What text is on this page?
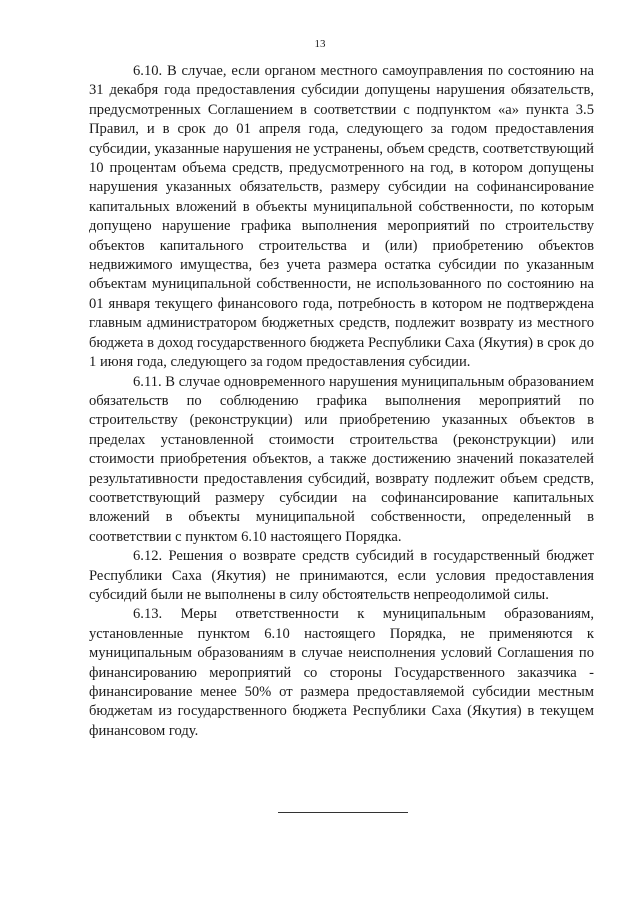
13

6.10. В случае, если органом местного самоуправления по состоянию на 31 декабря года предоставления субсидии допущены нарушения обязательств, предусмотренных Соглашением в соответствии с подпунктом «а» пункта 3.5 Правил, и в срок до 01 апреля года, следующего за годом предоставления субсидии, указанные нарушения не устранены, объем средств, соответствующий 10 процентам объема средств, предусмотренного на год, в котором допущены нарушения указанных обязательств, размеру субсидии на софинансирование капитальных вложений в объекты муниципальной собственности, по которым допущено нарушение графика выполнения мероприятий по строительству объектов капитального строительства и (или) приобретению объектов недвижимого имущества, без учета размера остатка субсидии по указанным объектам муниципальной собственности, не использованного по состоянию на 01 января текущего финансового года, потребность в котором не подтверждена главным администратором бюджетных средств, подлежит возврату из местного бюджета в доход государственного бюджета Республики Саха (Якутия) в срок до 1 июня года, следующего за годом предоставления субсидии.

6.11. В случае одновременного нарушения муниципальным образованием обязательств по соблюдению графика выполнения мероприятий по строительству (реконструкции) или приобретению указанных объектов в пределах установленной стоимости строительства (реконструкции) или стоимости приобретения объектов, а также достижению значений показателей результативности предоставления субсидий, возврату подлежит объем средств, соответствующий размеру субсидии на софинансирование капитальных вложений в объекты муниципальной собственности, определенный в соответствии с пунктом 6.10 настоящего Порядка.

6.12. Решения о возврате средств субсидий в государственный бюджет Республики Саха (Якутия) не принимаются, если условия предоставления субсидий были не выполнены в силу обстоятельств непреодолимой силы.

6.13. Меры ответственности к муниципальным образованиям, установленные пунктом 6.10 настоящего Порядка, не применяются к муниципальным образованиям в случае неисполнения условий Соглашения по финансированию мероприятий со стороны Государственного заказчика - финансирование менее 50% от размера предоставляемой субсидии местным бюджетам из государственного бюджета Республики Саха (Якутия) в текущем финансовом году.
